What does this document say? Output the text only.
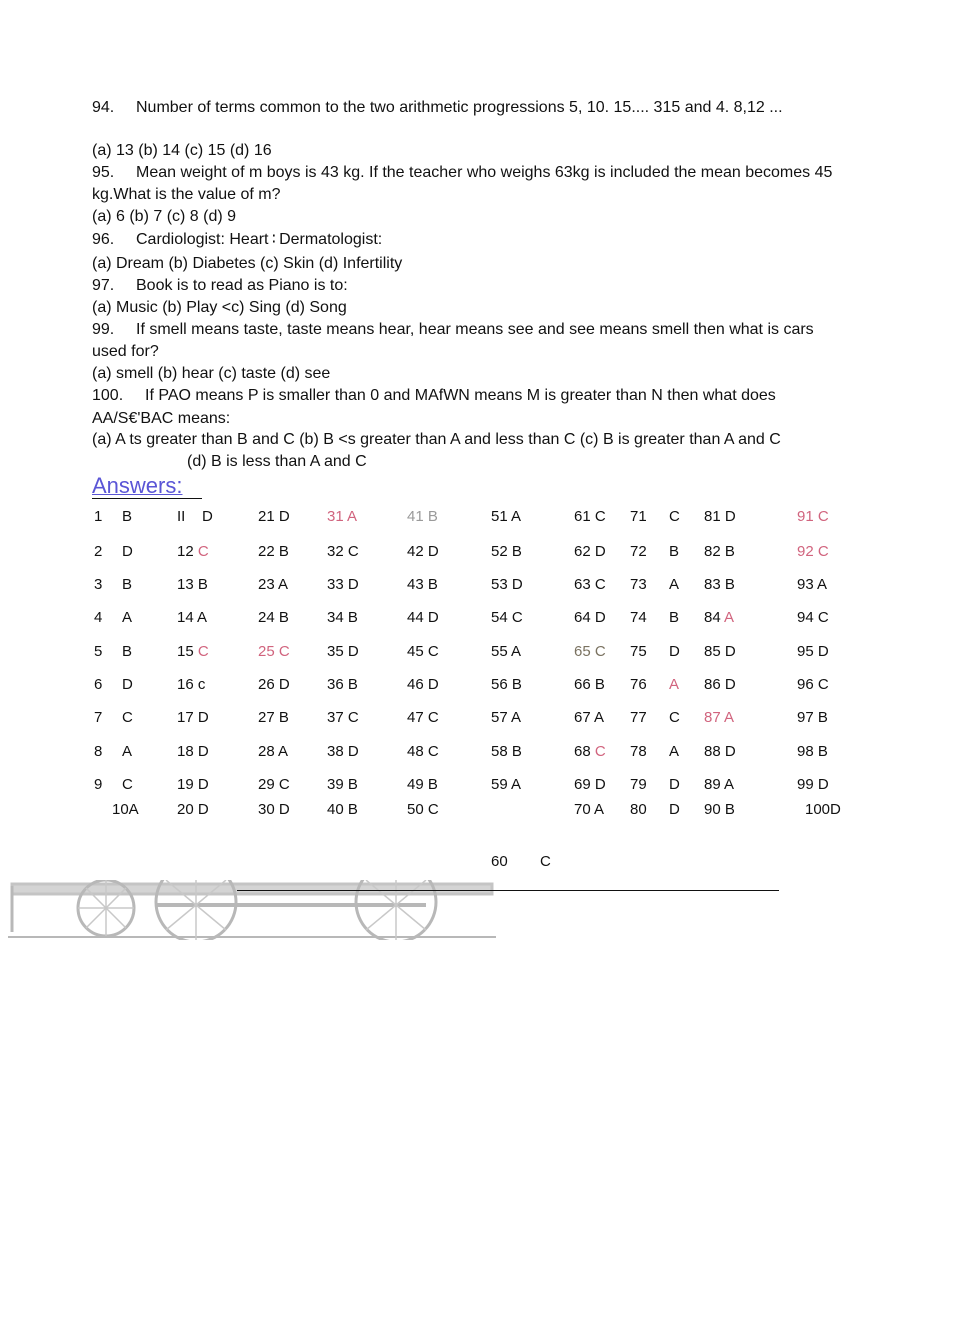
94. Number of terms common to the two arithmetic progressions 5, 10. 15.... 315 and 4. 8,12 ...
(a) 13 (b) 14 (c) 15 (d) 16
95. Mean weight of m boys is 43 kg. If the teacher who weighs 63kg is included the mean becomes 45
kg.What is the value of m?
(a) 6 (b) 7 (c) 8 (d) 9
96. Cardiologist: Heart ∶ Dermatologist:
(a) Dream (b) Diabetes (c) Skin (d) Infertility
97. Book is to read as Piano is to:
(a) Music (b) Play <c) Sing (d) Song
99. If smell means taste, taste means hear, hear means see and see means smell then what is cars
used for?
(a) smell (b) hear (c) taste (d) see
100. If PAO means P is smaller than 0 and MAfWN means M is greater than N then what does
AA/S€'BAC means:
(a) A ts greater than B and C (b) B <s greater than A and less than C (c) B is greater than A and C
(d) B is less than A and C
Answers:
1 B
2 D
3 B
4 A
5 B
6 D
7 C
8 A
9 C
10A
II    D
12 C
13 B
14 A
15 C
16 c
17 D
18 D
19 D
20 D
21 D
22 B
23 A
24 B
25 C
26 D
27 B
28 A
29 C
30 D
31 A
32 C
33 D
34 B
35 D
36 B
37 C
38 D
39 B
40 B
41 B
42 D
43 B
44 D
45 C
46 D
47 C
48 C
49 B
50 C
51 A
52 B
53 D
54 C
55 A
56 B
57 A
58 B
59 A
61 C
62 D
63 C
64 D
65 C
66 B
67 A
68 C
69 D
70 A
71 C
72 B
73 A
74 B
75 D
76 A
77 C
78 A
79 D
80 D
81 D
82 B
83 B
84 A
85 D
86 D
87 A
88 D
89 A
90 B
91 C
92 C
93 A
94 C
95 D
96 C
97 B
98 B
99 D
100D
60 C
